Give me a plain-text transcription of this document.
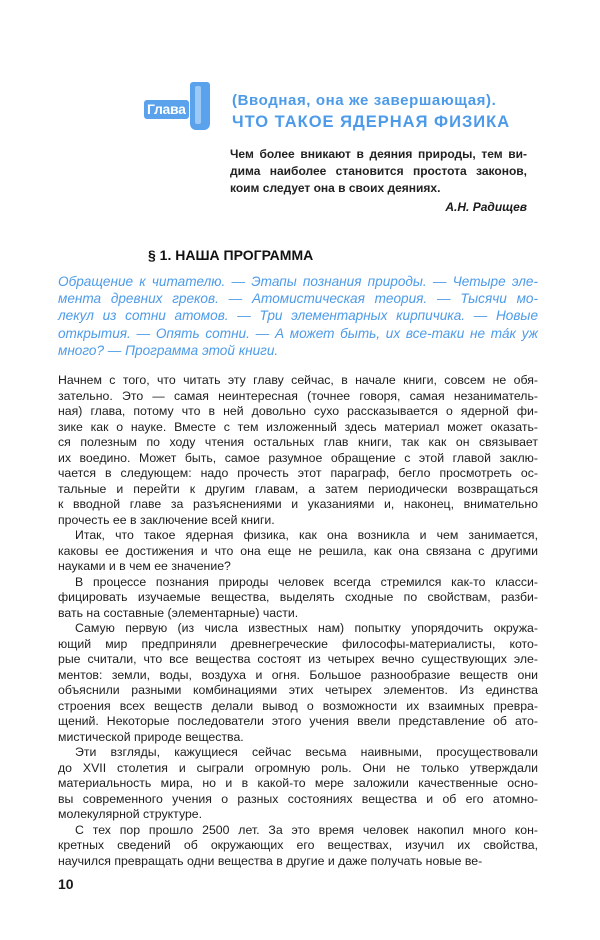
Глава	(Вводная, она же завершающая).
ЧТО ТАКОЕ ЯДЕРНАЯ ФИЗИКА
Чем более вникают в деяния природы, тем ви-
дима наиболее становится простота законов,
коим следует она в своих деяниях.
А.Н. Радищев
§ 1. НАША ПРОГРАММА
Обращение к читателю. — Этапы познания природы. — Четыре эле-
мента древних греков. — Атомистическая теория. — Тысячи мо-
лекул из сотни атомов. — Три элементарных кирпичика. — Новые
открытия. — Опять сотни. — А может быть, их все-таки не та́к уж
много? — Программа этой книги.
Начнем с того, что читать эту главу сейчас, в начале книги, совсем не обя-
зательно. Это — самая неинтересная (точнее говоря, самая незаниматель-
ная) глава, потому что в ней довольно сухо рассказывается о ядерной фи-
зике как о науке. Вместе с тем изложенный здесь материал может оказать-
ся полезным по ходу чтения остальных глав книги, так как он связывает
их воедино. Может быть, самое разумное обращение с этой главой заклю-
чается в следующем: надо прочесть этот параграф, бегло просмотреть ос-
тальные и перейти к другим главам, а затем периодически возвращаться
к вводной главе за разъяснениями и указаниями и, наконец, внимательно
прочесть ее в заключение всей книги.
Итак, что такое ядерная физика, как она возникла и чем занимается,
каковы ее достижения и что она еще не решила, как она связана с другими
науками и в чем ее значение?
В процессе познания природы человек всегда стремился как-то класси-
фицировать изучаемые вещества, выделять сходные по свойствам, разби-
вать на составные (элементарные) части.
Самую первую (из числа известных нам) попытку упорядочить окружа-
ющий мир предприняли древнегреческие философы-материалисты, кото-
рые считали, что все вещества состоят из четырех вечно существующих эле-
ментов: земли, воды, воздуха и огня. Большое разнообразие веществ они
объяснили разными комбинациями этих четырех элементов. Из единства
строения всех веществ делали вывод о возможности их взаимных превра-
щений. Некоторые последователи этого учения ввели представление об ато-
мистической природе вещества.
Эти взгляды, кажущиеся сейчас весьма наивными, просуществовали
до XVII столетия и сыграли огромную роль. Они не только утверждали
материальность мира, но и в какой-то мере заложили качественные осно-
вы современного учения о разных состояниях вещества и об его атомно-
молекулярной структуре.
С тех пор прошло 2500 лет. За это время человек накопил много кон-
кретных сведений об окружающих его веществах, изучил их свойства,
научился превращать одни вещества в другие и даже получать новые ве-
10
